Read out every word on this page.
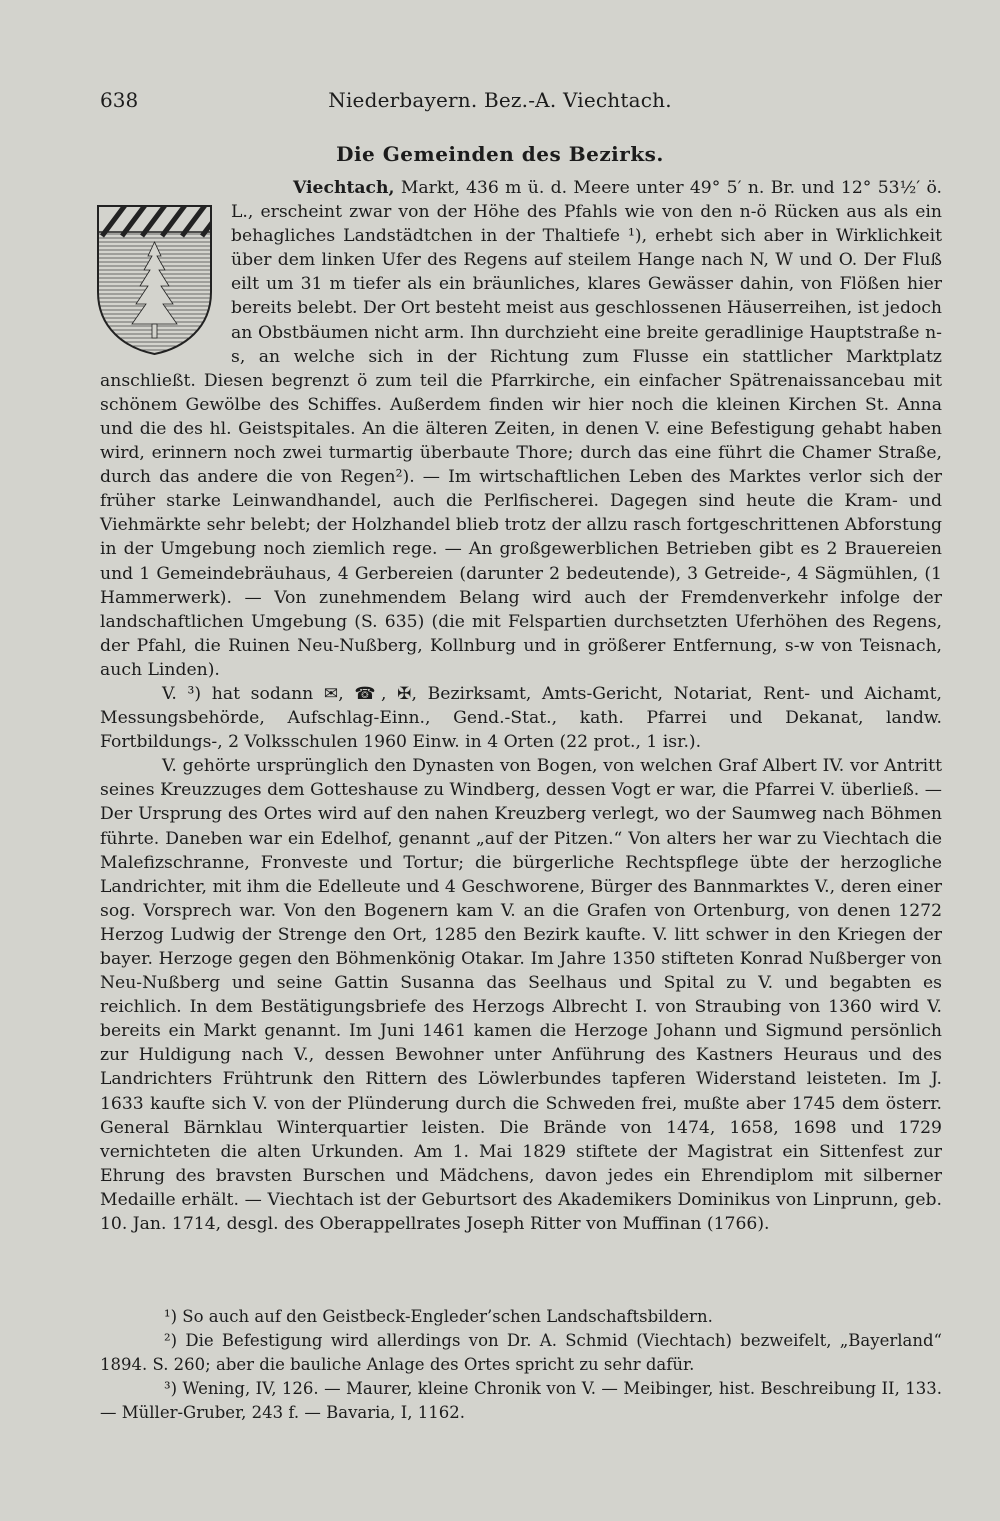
638	Niederbayern. Bez.-A. Viechtach.
Die Gemeinden des Bezirks.

Viechtach,
Markt, 436 m ü. d. Meere unter 49° 5′ n. Br. und 12° 53½′ ö. L., erscheint zwar von der Höhe des Pfahls wie von den n-ö Rücken aus als ein behagliches Landstädtchen in der Thaltiefe ¹), erhebt sich aber in Wirklichkeit über dem linken Ufer des Regens auf steilem Hange nach N, W und O. Der Fluß eilt um 31 m tiefer als ein bräunliches, klares Gewässer dahin, von Flößen hier bereits belebt. Der Ort besteht meist aus geschlossenen Häuserreihen, ist jedoch an Obstbäumen nicht arm. Ihn durchzieht eine breite geradlinige Hauptstraße n-s, an welche sich in der Richtung zum Flusse ein stattlicher Marktplatz anschließt. Diesen begrenzt ö zum teil die Pfarrkirche, ein einfacher Spätrenaissancebau mit schönem Gewölbe des Schiffes. Außerdem finden wir hier noch die kleinen Kirchen St. Anna und die des hl. Geistspitales. An die älteren Zeiten, in denen V. eine Befestigung gehabt haben wird, erinnern noch zwei turmartig überbaute Thore; durch das eine führt die Chamer Straße, durch das andere die von Regen²). — Im wirtschaftlichen Leben des Marktes verlor sich der früher starke Leinwandhandel, auch die Perlfischerei. Dagegen sind heute die Kram- und Viehmärkte sehr belebt; der Holzhandel blieb trotz der allzu rasch fortgeschrittenen Abforstung in der Umgebung noch ziemlich rege. — An großgewerblichen Betrieben gibt es 2 Brauereien und 1 Gemeindebräuhaus, 4 Gerbereien (darunter 2 bedeutende), 3 Getreide-, 4 Sägmühlen, (1 Hammerwerk). — Von zunehmendem Belang wird auch der Fremdenverkehr infolge der landschaftlichen Umgebung (S. 635) (die mit Felspartien durchsetzten Uferhöhen des Regens, der Pfahl, die Ruinen Neu-Nußberg, Kollnburg und in größerer Entfernung, s-w von Teisnach, auch Linden).

V. ³) hat sodann ✉, ☎, ✠, Bezirksamt, Amts-Gericht, Notariat, Rent- und Aichamt, Messungsbehörde, Aufschlag-Einn., Gend.-Stat., kath. Pfarrei und Dekanat, landw. Fortbildungs-, 2 Volksschulen 1960 Einw. in 4 Orten (22 prot., 1 isr.).

V. gehörte ursprünglich den Dynasten von Bogen, von welchen Graf Albert IV. vor Antritt seines Kreuzzuges dem Gotteshause zu Windberg, dessen Vogt er war, die Pfarrei V. überließ. — Der Ursprung des Ortes wird auf den nahen Kreuzberg verlegt, wo der Saumweg nach Böhmen führte. Daneben war ein Edelhof, genannt „auf der Pitzen.“ Von alters her war zu Viechtach die Malefizschranne, Fronveste und Tortur; die bürgerliche Rechtspflege übte der herzogliche Landrichter, mit ihm die Edelleute und 4 Geschworene, Bürger des Bannmarktes V., deren einer sog. Vorsprech war. Von den Bogenern kam V. an die Grafen von Ortenburg, von denen 1272 Herzog Ludwig der Strenge den Ort, 1285 den Bezirk kaufte. V. litt schwer in den Kriegen der bayer. Herzoge gegen den Böhmenkönig Otakar. Im Jahre 1350 stifteten Konrad Nußberger von Neu-Nußberg und seine Gattin Susanna das Seelhaus und Spital zu V. und begabten es reichlich. In dem Bestätigungsbriefe des Herzogs Albrecht I. von Straubing von 1360 wird V. bereits ein Markt genannt. Im Juni 1461 kamen die Herzoge Johann und Sigmund persönlich zur Huldigung nach V., dessen Bewohner unter Anführung des Kastners Heuraus und des Landrichters Frühtrunk den Rittern des Löwlerbundes tapferen Widerstand leisteten. Im J. 1633 kaufte sich V. von der Plünderung durch die Schweden frei, mußte aber 1745 dem österr. General Bärnklau Winterquartier leisten. Die Brände von 1474, 1658, 1698 und 1729 vernichteten die alten Urkunden. Am 1. Mai 1829 stiftete der Magistrat ein Sittenfest zur Ehrung des bravsten Burschen und Mädchens, davon jedes ein Ehrendiplom mit silberner Medaille erhält. — Viechtach ist der Geburtsort des Akademikers Dominikus von Linprunn, geb. 10. Jan. 1714, desgl. des Oberappellrates Joseph Ritter von Muffinan (1766).

¹) So auch auf den Geistbeck-Engleder’schen Landschaftsbildern.

²) Die Befestigung wird allerdings von Dr. A. Schmid (Viechtach) bezweifelt, „Bayerland“ 1894. S. 260; aber die bauliche Anlage des Ortes spricht zu sehr dafür.

³) Wening, IV, 126. — Maurer, kleine Chronik von V. — Meibinger, hist. Beschreibung II, 133. — Müller-Gruber, 243 f. — Bavaria, I, 1162.
